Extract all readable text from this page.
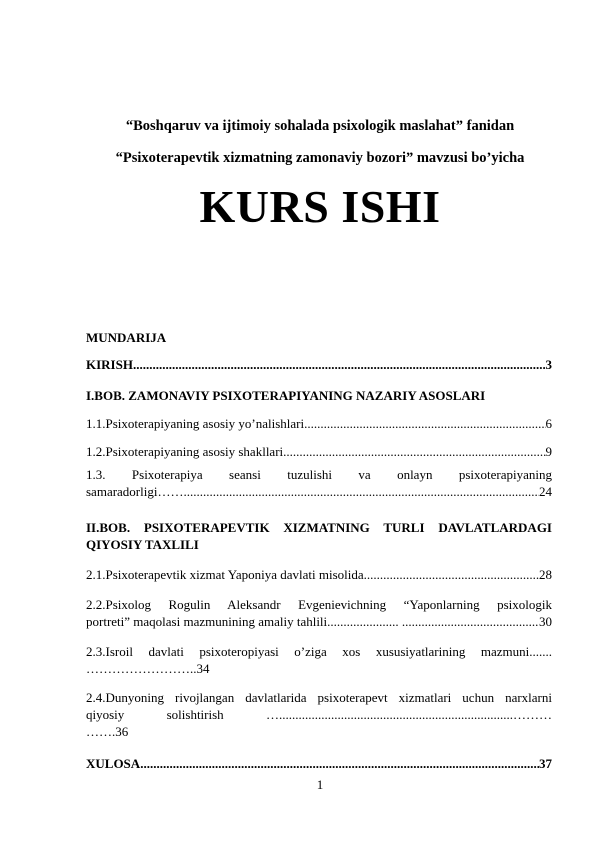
“Boshqaruv va ijtimoiy sohalada psixologik maslahat” fanidan
“Psixoterapevtik xizmatning zamonaviy bozori” mavzusi bo’yicha
KURS ISHI
MUNDARIJA
KIRISH .....	3
I.BOB. ZAMONAVIY PSIXOTERAPIYANING NAZARIY ASOSLARI
1.1.Psixoterapiyaning asosiy yo’nalishlari .....	6
1.2.Psixoterapiyaning asosiy shakllari .....	9
1.3. Psixoterapiya seansi tuzulishi va onlayn psixoterapiyaning
samaradorligi…… .....	24
II.BOB. PSIXOTERAPEVTIK XIZMATNING TURLI DAVLATLARDAGI QIYOSIY TAXLILI
2.1.Psixoterapevtik xizmat Yaponiya davlati misolida .....	28
2.2.Psixolog Rogulin Aleksandr Evgenievichning “Yaponlarning psixologik
portreti” maqolasi mazmunining amaliy tahlili...................... .................................. ..... 30
2.3.Isroil davlati psixoteropiyasi o’ziga xos xususiyatlarining mazmuni.......
……………………..34
2.4.Dunyoning rivojlangan davlatlarida psixoterapevt xizmatlari uchun narxlarni
qiyosiy solishtirish …........................................................................………
…….36
XULOSA .....	37
1
